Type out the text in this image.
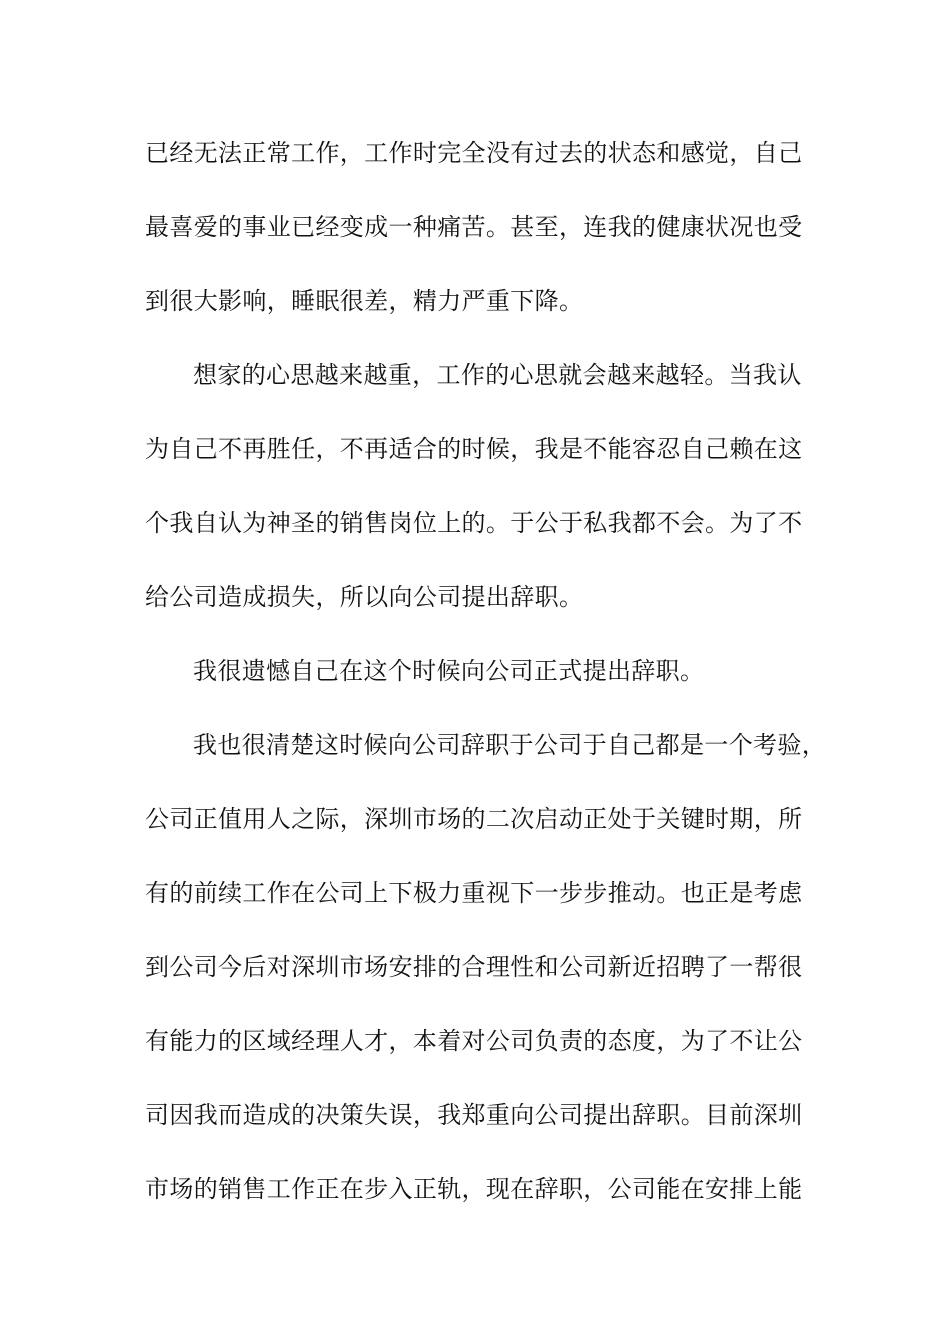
已经无法正常工作，工作时完全没有过去的状态和感觉，自己
最喜爱的事业已经变成一种痛苦。甚至，连我的健康状况也受
到很大影响，睡眠很差，精力严重下降。
想家的心思越来越重，工作的心思就会越来越轻。当我认
为自己不再胜任，不再适合的时候，我是不能容忍自己赖在这
个我自认为神圣的销售岗位上的。于公于私我都不会。为了不
给公司造成损失，所以向公司提出辞职。
我很遗憾自己在这个时候向公司正式提出辞职。
我也很清楚这时候向公司辞职于公司于自己都是一个考验，
公司正值用人之际，深圳市场的二次启动正处于关键时期，所
有的前续工作在公司上下极力重视下一步步推动。也正是考虑
到公司今后对深圳市场安排的合理性和公司新近招聘了一帮很
有能力的区域经理人才，本着对公司负责的态度，为了不让公
司因我而造成的决策失误，我郑重向公司提出辞职。目前深圳
市场的销售工作正在步入正轨，现在辞职，公司能在安排上能
